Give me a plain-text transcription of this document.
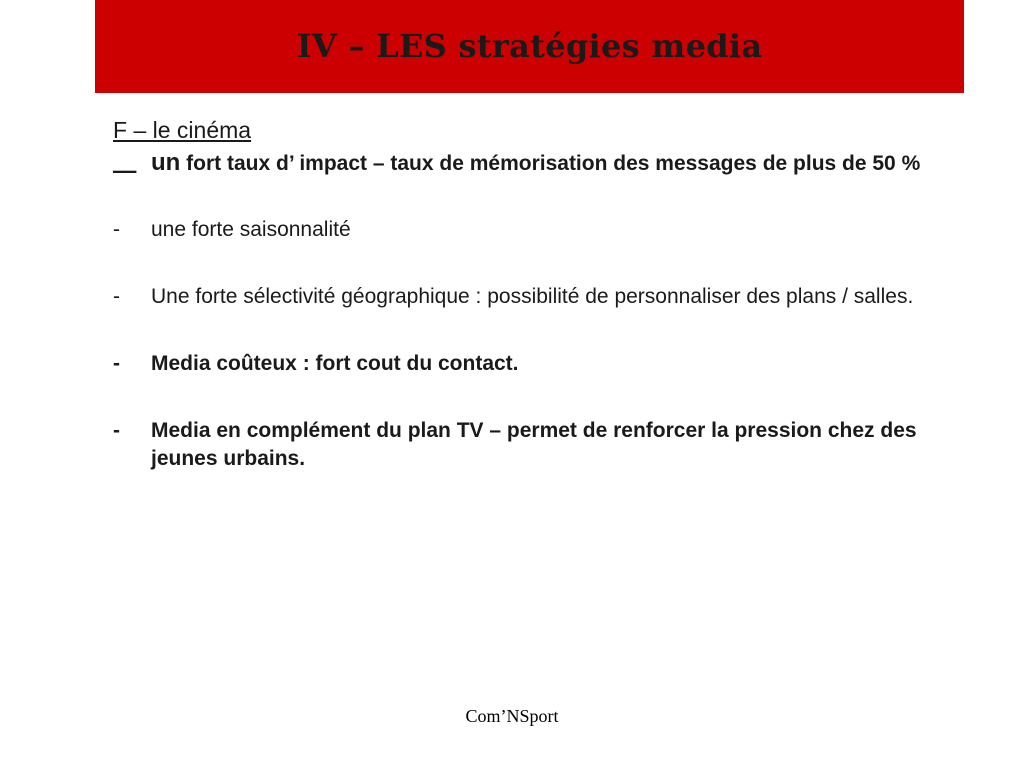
IV – LES stratégies media

F – le cinéma

__ un fort taux d’ impact – taux de mémorisation des messages de plus de 50 %
- une forte saisonnalité
- Une forte sélectivité géographique : possibilité de personnaliser des plans / salles.
- Media coûteux : fort cout du contact.
- Media en complément du plan TV – permet de renforcer la pression chez des jeunes urbains.
Com’NSport
